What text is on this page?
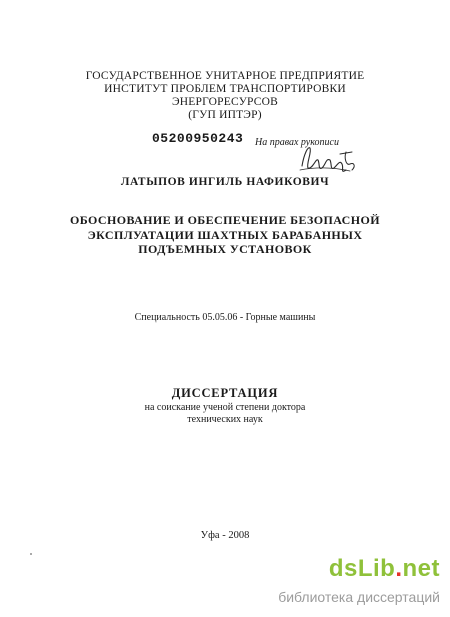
ГОСУДАРСТВЕННОЕ УНИТАРНОЕ ПРЕДПРИЯТИЕ
ИНСТИТУТ ПРОБЛЕМ ТРАНСПОРТИРОВКИ
ЭНЕРГОРЕСУРСОВ
(ГУП ИПТЭР)
05200950243 На правах рукописи
ЛАТЫПОВ ИНГИЛЬ НАФИКОВИЧ
ОБОСНОВАНИЕ И ОБЕСПЕЧЕНИЕ БЕЗОПАСНОЙ
ЭКСПЛУАТАЦИИ ШАХТНЫХ БАРАБАННЫХ
ПОДЪЕМНЫХ УСТАНОВОК
Специальность 05.05.06 - Горные машины
ДИССЕРТАЦИЯ
на соискание ученой степени доктора
технических наук
Уфа - 2008
dsLib.net
библиотека диссертаций
